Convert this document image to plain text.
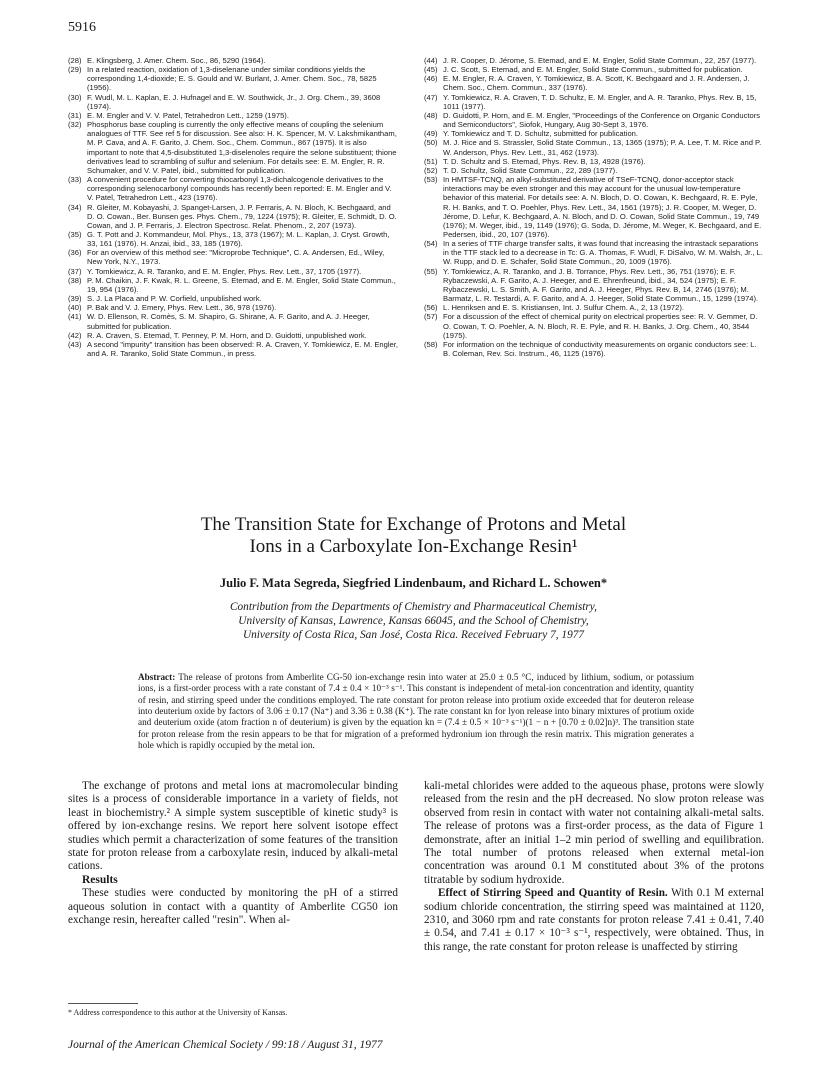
5916
(28) E. Klingsberg, J. Amer. Chem. Soc., 86, 5290 (1964).
(29) In a related reaction, oxidation of 1,3-diselenane under similar conditions yields the corresponding 1,4-dioxide; E. S. Gould and W. Burlant, J. Amer. Chem. Soc., 78, 5825 (1956).
(30) F. Wudl, M. L. Kaplan, E. J. Hufnagel and E. W. Southwick, Jr., J. Org. Chem., 39, 3608 (1974).
(31) E. M. Engler and V. V. Patel, Tetrahedron Lett., 1259 (1975).
(32) Phosphorus base coupling is currently the only effective means of coupling the selenium analogues of TTF. See ref 5 for discussion. See also: H. K. Spencer, M. V. Lakshmikantham, M. P. Cava, and A. F. Garito, J. Chem. Soc., Chem. Commun., 867 (1975). It is also important to note that 4,5-disubstituted 1,3-diselenoles require the selone substituent; thione derivatives lead to scrambling of sulfur and selenium. For details see: E. M. Engler, R. R. Schumaker, and V. V. Patel, ibid., submitted for publication.
(33) A convenient procedure for converting thiocarbonyl 1,3-dichalcogenole derivatives to the corresponding selenocarbonyl compounds has recently been reported: E. M. Engler and V. V. Patel, Tetrahedron Lett., 423 (1976).
(34) R. Gleiter, M. Kobayashi, J. Spanget-Larsen, J. P. Ferraris, A. N. Bloch, K. Bechgaard, and D. O. Cowan., Ber. Bunsen ges. Phys. Chem., 79, 1224 (1975); R. Gleiter, E. Schmidt, D. O. Cowan, and J. P. Ferraris, J. Electron Spectrosc. Relat. Phenom., 2, 207 (1973).
(35) G. T. Pott and J. Kommandeur, Mol. Phys., 13, 373 (1967); M. L. Kaplan, J. Cryst. Growth, 33, 161 (1976). H. Anzai, ibid., 33, 185 (1976).
(36) For an overview of this method see: "Microprobe Technique", C. A. Andersen, Ed., Wiley, New York, N.Y., 1973.
(37) Y. Tomkiewicz, A. R. Taranko, and E. M. Engler, Phys. Rev. Lett., 37, 1705 (1977).
(38) P. M. Chaikin, J. F. Kwak, R. L. Greene, S. Etemad, and E. M. Engler, Solid State Commun., 19, 954 (1976).
(39) S. J. La Placa and P. W. Corfield, unpublished work.
(40) P. Bak and V. J. Emery, Phys. Rev. Lett., 36, 978 (1976).
(41) W. D. Ellenson, R. Comès, S. M. Shapiro, G. Shirane, A. F. Garito, and A. J. Heeger, submitted for publication.
(42) R. A. Craven, S. Etemad, T. Penney, P. M. Horn, and D. Guidotti, unpublished work.
(43) A second "impurity" transition has been observed: R. A. Craven, Y. Tomkiewicz, E. M. Engler, and A. R. Taranko, Solid State Commun., in press.
(44) J. R. Cooper, D. Jérome, S. Etemad, and E. M. Engler, Solid State Commun., 22, 257 (1977).
(45) J. C. Scott, S. Etemad, and E. M. Engler, Solid State Commun., submitted for publication.
(46) E. M. Engler, R. A. Craven, Y. Tomkiewicz, B. A. Scott, K. Bechgaard and J. R. Andersen, J. Chem. Soc., Chem. Commun., 337 (1976).
(47) Y. Tomkiewicz, R. A. Craven, T. D. Schultz, E. M. Engler, and A. R. Taranko, Phys. Rev. B, 15, 1011 (1977).
(48) D. Guidotti, P. Horn, and E. M. Engler, "Proceedings of the Conference on Organic Conductors and Semiconductors", Siofok, Hungary, Aug 30-Sept 3, 1976.
(49) Y. Tomkiewicz and T. D. Schultz, submitted for publication.
(50) M. J. Rice and S. Strassler, Solid State Commun., 13, 1365 (1975); P. A. Lee, T. M. Rice and P. W. Anderson, Phys. Rev. Lett., 31, 462 (1973).
(51) T. D. Schultz and S. Etemad, Phys. Rev. B, 13, 4928 (1976).
(52) T. D. Schultz, Solid State Commun., 22, 289 (1977).
(53) In HMTSF-TCNQ, an alkyl-substituted derivative of TSeF-TCNQ, donor-acceptor stack interactions may be even stronger and this may account for the unusual low-temperature behavior of this material. For details see: A. N. Bloch, D. O. Cowan, K. Bechgaard, R. E. Pyle, R. H. Banks, and T. O. Poehler, Phys. Rev. Lett., 34, 1561 (1975); J. R. Cooper, M. Weger, D. Jérome, D. Lefur, K. Bechgaard, A. N. Bloch, and D. O. Cowan, Solid State Commun., 19, 749 (1976); M. Weger, ibid., 19, 1149 (1976); G. Soda, D. Jérome, M. Weger, K. Bechgaard, and E. Pedersen, ibid., 20, 107 (1976).
(54) In a series of TTF charge transfer salts, it was found that increasing the intrastack separations in the TTF stack led to a decrease in Tc: G. A. Thomas, F. Wudl, F. DiSalvo, W. M. Walsh, Jr., L. W. Rupp, and D. E. Schafer, Solid State Commun., 20, 1009 (1976).
(55) Y. Tomkiewicz, A. R. Taranko, and J. B. Torrance, Phys. Rev. Lett., 36, 751 (1976); E. F. Rybaczewski, A. F. Garito, A. J. Heeger, and E. Ehrenfreund, ibid., 34, 524 (1975); E. F. Rybaczewski, L. S. Smith, A. F. Garito, and A. J. Heeger, Phys. Rev. B, 14, 2746 (1976); M. Barmatz, L. R. Testardi, A. F. Garito, and A. J. Heeger, Solid State Commun., 15, 1299 (1974).
(56) L. Henriksen and E. S. Kristiansen, Int. J. Sulfur Chem. A., 2, 13 (1972).
(57) For a discussion of the effect of chemical purity on electrical properties see: R. V. Gemmer, D. O. Cowan, T. O. Poehler, A. N. Bloch, R. E. Pyle, and R. H. Banks, J. Org. Chem., 40, 3544 (1975).
(58) For information on the technique of conductivity measurements on organic conductors see: L. B. Coleman, Rev. Sci. Instrum., 46, 1125 (1976).
The Transition State for Exchange of Protons and Metal
Ions in a Carboxylate Ion-Exchange Resin¹
Julio F. Mata Segreda, Siegfried Lindenbaum, and Richard L. Schowen*
Contribution from the Departments of Chemistry and Pharmaceutical Chemistry,
University of Kansas, Lawrence, Kansas 66045, and the School of Chemistry,
University of Costa Rica, San José, Costa Rica. Received February 7, 1977
Abstract: The release of protons from Amberlite CG-50 ion-exchange resin into water at 25.0 ± 0.5 °C, induced by lithium, sodium, or potassium ions, is a first-order process with a rate constant of 7.4 ± 0.4 × 10⁻³ s⁻¹. This constant is independent of metal-ion concentration and identity, quantity of resin, and stirring speed under the conditions employed. The rate constant for proton release into protium oxide exceeded that for deuteron release into deuterium oxide by factors of 3.06 ± 0.17 (Na⁺) and 3.36 ± 0.38 (K⁺). The rate constant kn for lyon release into binary mixtures of protium oxide and deuterium oxide (atom fraction n of deuterium) is given by the equation kn = (7.4 ± 0.5 × 10⁻³ s⁻¹)(1 − n + [0.70 ± 0.02]n)³. The transition state for proton release from the resin appears to be that for migration of a preformed hydronium ion through the resin matrix. This migration generates a hole which is rapidly occupied by the metal ion.

The exchange of protons and metal ions at macromolecular binding sites is a process of considerable importance in a variety of fields, not least in biochemistry.² A simple system susceptible of kinetic study³ is offered by ion-exchange resins. We report here solvent isotope effect studies which permit a characterization of some features of the transition state for proton release from a carboxylate resin, induced by alkali-metal cations.

Results

These studies were conducted by monitoring the pH of a stirred aqueous solution in contact with a quantity of Amberlite CG50 ion exchange resin, hereafter called "resin". When al-

kali-metal chlorides were added to the aqueous phase, protons were slowly released from the resin and the pH decreased. No slow proton release was observed from resin in contact with water not containing alkali-metal salts. The release of protons was a first-order process, as the data of Figure 1 demonstrate, after an initial 1–2 min period of swelling and equilibration. The total number of protons released when external metal-ion concentration was around 0.1 M constituted about 3% of the protons titratable by sodium hydroxide.

Effect of Stirring Speed and Quantity of Resin. With 0.1 M external sodium chloride concentration, the stirring speed was maintained at 1120, 2310, and 3060 rpm and rate constants for proton release 7.41 ± 0.41, 7.40 ± 0.54, and 7.41 ± 0.17 × 10⁻³ s⁻¹, respectively, were obtained. Thus, in this range, the rate constant for proton release is unaffected by stirring

* Address correspondence to this author at the University of Kansas.
Journal of the American Chemical Society / 99:18 / August 31, 1977
